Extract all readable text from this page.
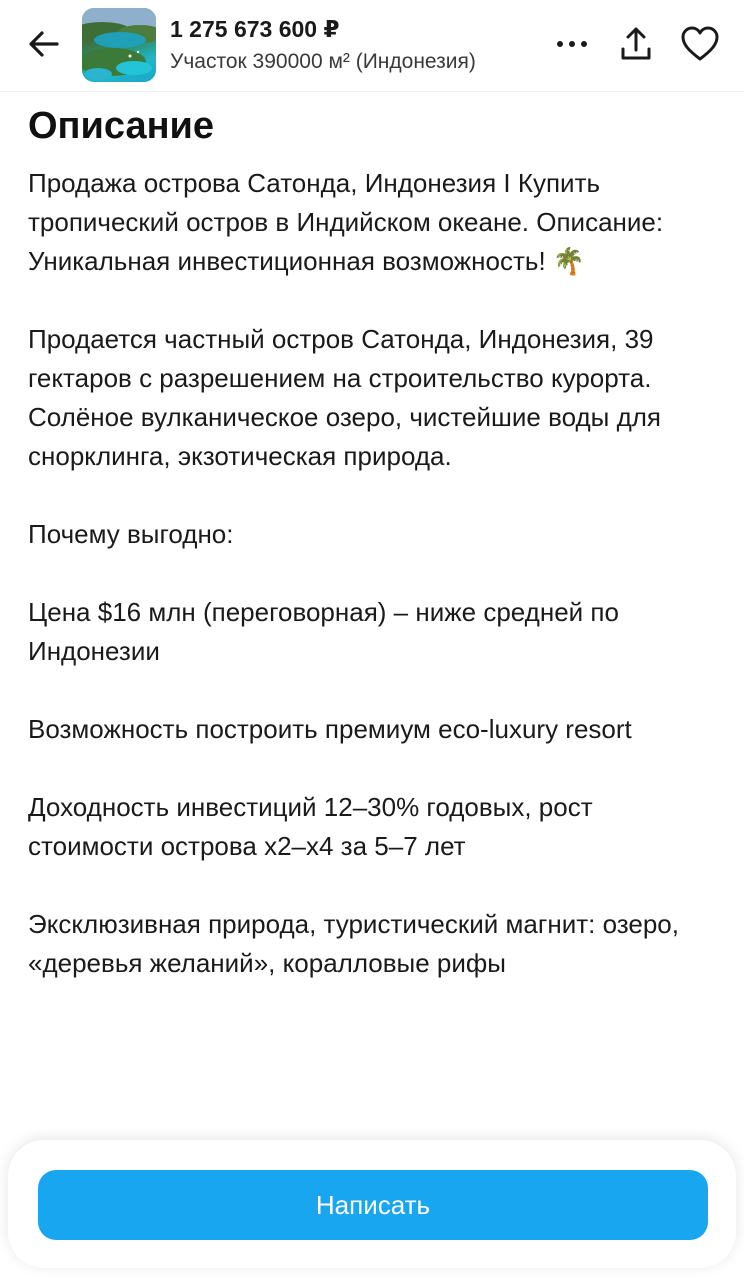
1 275 673 600 ₽
Участок 390000 м² (Индонезия)
Описание
Продажа острова Сатонда, Индонезия I Купить тропический остров в Индийском океане. Описание: Уникальная инвестиционная возможность! 🌴
Продается частный остров Сатонда, Индонезия, 39 гектаров с разрешением на строительство курорта. Солёное вулканическое озеро, чистейшие воды для снорклинга, экзотическая природа.
Почему выгодно:
Цена $16 млн (переговорная) – ниже средней по Индонезии
Возможность построить премиум eco-luxury resort
Доходность инвестиций 12–30% годовых, рост стоимости острова x2–x4 за 5–7 лет
Эксклюзивная природа, туристический магнит: озеро, «деревья желаний», коралловые рифы
Написать
